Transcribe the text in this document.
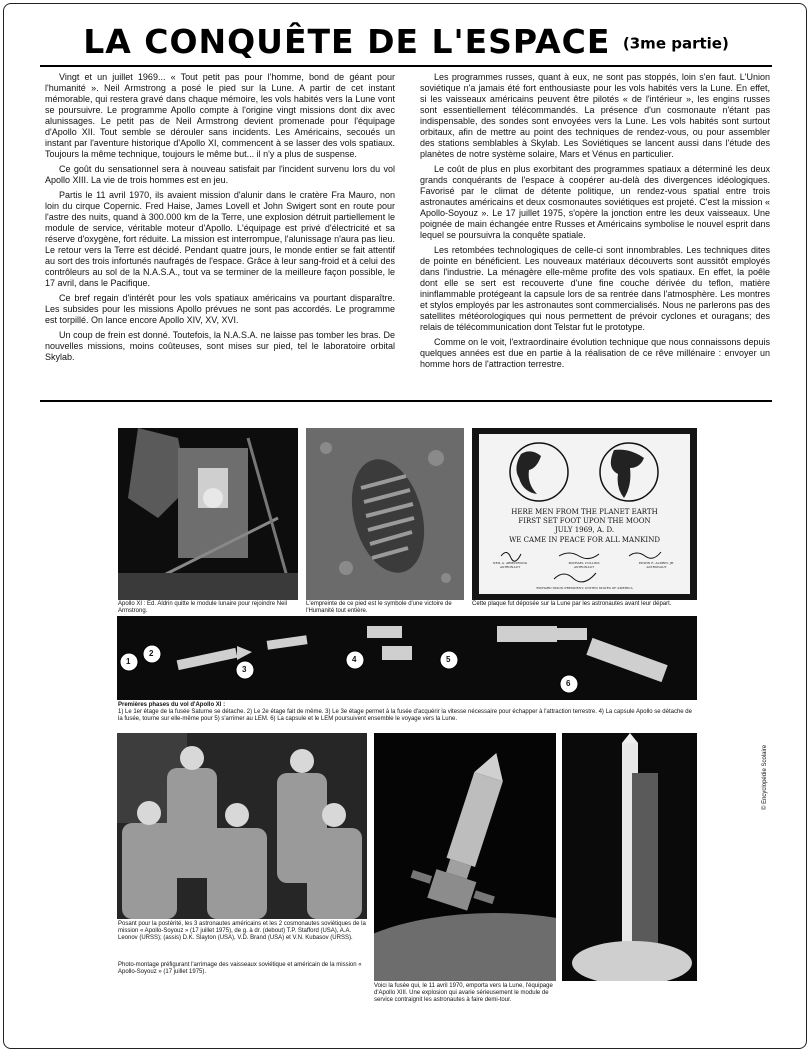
LA CONQUÊTE DE L'ESPACE (3me partie)

Vingt et un juillet 1969... « Tout petit pas pour l'homme, bond de géant pour l'humanité ». Neil Armstrong a posé le pied sur la Lune. A partir de cet instant mémorable, qui restera gravé dans chaque mémoire, les vols habités vers la Lune vont se poursuivre. Le programme Apollo compte à l'origine vingt missions dont dix avec alunissages. Le petit pas de Neil Armstrong devient promenade pour l'équipage d'Apollo XII. Tout semble se dérouler sans incidents. Les Américains, secoués un instant par l'aventure historique d'Apollo XI, commencent à se lasser des vols spatiaux. Toujours la même technique, toujours le même but... il n'y a plus de suspense.

Ce goût du sensationnel sera à nouveau satisfait par l'incident survenu lors du vol Apollo XIII. La vie de trois hommes est en jeu.

Partis le 11 avril 1970, ils avaient mission d'alunir dans le cratère Fra Mauro, non loin du cirque Copernic. Fred Haise, James Lovell et John Swigert sont en route pour l'astre des nuits, quand à 300.000 km de la Terre, une explosion détruit partiellement le module de service, véritable moteur d'Apollo. L'équipage est privé d'électricité et sa réserve d'oxygène, fort réduite. La mission est interrompue, l'alunissage n'aura pas lieu. Le retour vers la Terre est décidé. Pendant quatre jours, le monde entier se fait attentif au sort des trois infortunés naufragés de l'espace. Grâce à leur sang-froid et à celui des contrôleurs au sol de la N.A.S.A., tout va se terminer de la meilleure façon possible, le 17 avril, dans le Pacifique.

Ce bref regain d'intérêt pour les vols spatiaux américains va pourtant disparaître. Les subsides pour les missions Apollo prévues ne sont pas accordés. Le programme est torpillé. On lance encore Apollo XIV, XV, XVI.

Un coup de frein est donné. Toutefois, la N.A.S.A. ne laisse pas tomber les bras. De nouvelles missions, moins coûteuses, sont mises sur pied, tel le laboratoire orbital Skylab.

Les programmes russes, quant à eux, ne sont pas stoppés, loin s'en faut. L'Union soviétique n'a jamais été fort enthousiaste pour les vols habités vers la Lune. En effet, si les vaisseaux américains peuvent être pilotés « de l'intérieur », les engins russes sont essentiellement télécommandés. La présence d'un cosmonaute n'étant pas indispensable, des sondes sont envoyées vers la Lune. Les vols habités sont surtout orbitaux, afin de mettre au point des techniques de rendez-vous, ou pour assembler des stations semblables à Skylab. Les Soviétiques se lancent aussi dans l'étude des planètes de notre système solaire, Mars et Vénus en particulier.

Le coût de plus en plus exorbitant des programmes spatiaux a déterminé les deux grands conquérants de l'espace à coopérer au-delà des divergences idéologiques. Favorisé par le climat de détente politique, un rendez-vous spatial entre trois astronautes américains et deux cosmonautes soviétiques est projeté. C'est la mission « Apollo-Soyouz ». Le 17 juillet 1975, s'opère la jonction entre les deux vaisseaux. Une poignée de main échangée entre Russes et Américains symbolise le nouvel esprit dans lequel se poursuivra la conquête spatiale.

Les retombées technologiques de celle-ci sont innombrables. Les techniques dites de pointe en bénéficient. Les nouveaux matériaux découverts sont aussitôt employés dans l'industrie. La ménagère elle-même profite des vols spatiaux. En effet, la poêle dont elle se sert est recouverte d'une fine couche dérivée du teflon, matière ininflammable protégeant la capsule lors de sa rentrée dans l'atmosphère. Les montres et stylos employés par les astronautes sont commercialisés. Nous ne parlerons pas des satellites météorologiques qui nous permettent de prévoir cyclones et ouragans; des relais de télécommunication dont Telstar fut le prototype.

Comme on le voit, l'extraordinaire évolution technique que nous connaissons depuis quelques années est due en partie à la réalisation de ce rêve millénaire : envoyer un homme hors de l'attraction terrestre.

Apollo XI : Ed. Aldrin quitte le module lunaire pour rejoindre Neil Armstrong.
L'empreinte de ce pied est le symbole d'une victoire de l'Humanité tout entière.
HERE MEN FROM THE PLANET EARTH
FIRST SET FOOT UPON THE MOON
JULY 1969, A. D.
WE CAME IN PEACE FOR ALL MANKIND
NEIL A. ARMSTRONG ASTRONAUT
MICHAEL COLLINS ASTRONAUT
EDWIN E. ALDRIN, JR. ASTRONAUT
RICHARD NIXON PRESIDENT, UNITED STATES OF AMERICA
Cette plaque fut déposée sur la Lune par les astronautes avant leur départ.
1
2
3
4	5
6
Premières phases du vol d'Apollo XI :
1) Le 1er étage de la fusée Saturne se détache. 2) Le 2e étage fait de même. 3) Le 3e étage permet à la fusée d'acquérir la vitesse nécessaire pour échapper à l'attraction terrestre. 4) La capsule Apollo se détache de la fusée, tourne sur elle-même pour 5) s'arrimer au LEM. 6) La capsule et le LEM poursuivent ensemble le voyage vers la Lune.
Posant pour la postérité, les 3 astronautes américains et les 2 cosmonautes soviétiques de la mission « Apollo-Soyouz » (17 juillet 1975), de g. à dr. (debout) T.P. Stafford (USA), A.A. Leonov (URSS); (assis) D.K. Slayton (USA), V.D. Brand (USA) et V.N. Kubasov (URSS).
Photo-montage préfigurant l'arrimage des vaisseaux soviétique et américain de la mission « Apollo-Soyouz » (17 juillet 1975).
Voici la fusée qui, le 11 avril 1970, emporta vers la Lune, l'équipage d'Apollo XIII. Une explosion qui avarie sérieusement le module de service contraignit les astronautes à faire demi-tour.
© Encyclopédie Scolaire
